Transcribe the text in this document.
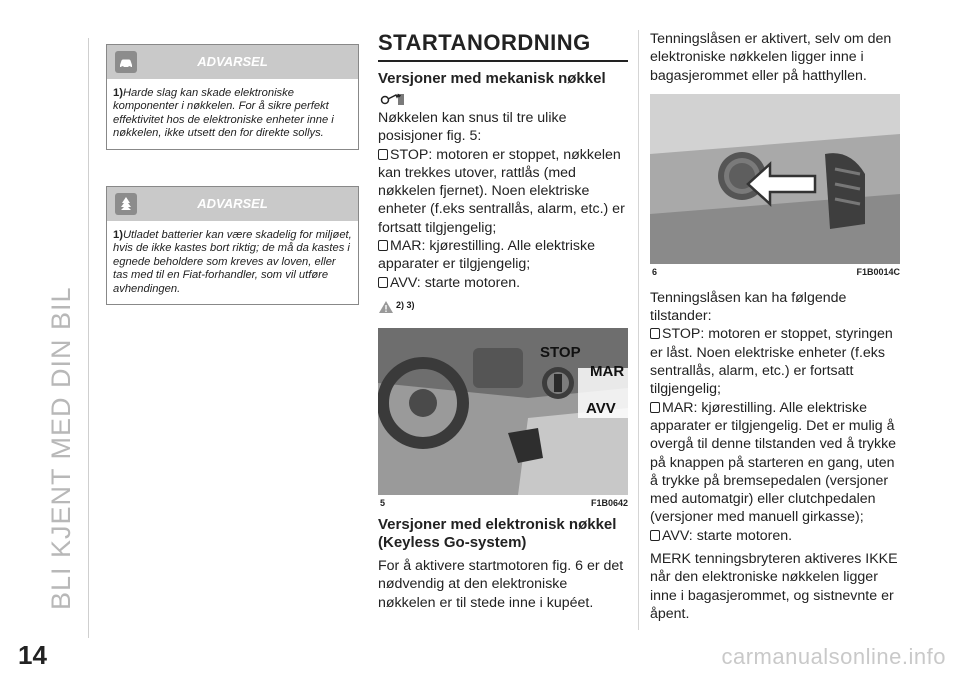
BLI KJENT MED DIN BIL
14	carmanualsonline.info
ADVARSEL
1)Harde slag kan skade elektroniske komponenter i nøkkelen. For å sikre perfekt effektivitet hos de elektroniske enheter inne i nøkkelen, ikke utsett den for direkte sollys.
ADVARSEL
1)Utladet batterier kan være skadelig for miljøet, hvis de ikke kastes bort riktig; de må da kastes i egnede beholdere som kreves av loven, eller tas med til en Fiat-forhandler, som vil utføre avhendingen.
STARTANORDNING
Versjoner med mekanisk nøkkel

Nøkkelen kan snus til tre ulike posisjoner fig. 5:

STOP: motoren er stoppet, nøkkelen kan trekkes utover, rattlås (med nøkkelen fjernet). Noen elektriske enheter (f.eks sentrallås, alarm, etc.) er fortsatt tilgjengelig;

MAR: kjørestilling. Alle elektriske apparater er tilgjengelig;

AVV: starte motoren.

$^{2) 3)}$
STOP
MAR
AVV
5	F1B0642
Versjoner med elektronisk nøkkel (Keyless Go-system)

For å aktivere startmotoren fig. 6 er det nødvendig at den elektroniske nøkkelen er til stede inne i kupéet.

Tenningslåsen er aktivert, selv om den elektroniske nøkkelen ligger inne i bagasjerommet eller på hatthyllen.

6	F1B0014C

Tenningslåsen kan ha følgende tilstander:

STOP: motoren er stoppet, styringen er låst. Noen elektriske enheter (f.eks sentrallås, alarm, etc.) er fortsatt tilgjengelig;

MAR: kjørestilling. Alle elektriske apparater er tilgjengelig. Det er mulig å overgå til denne tilstanden ved å trykke på knappen på starteren en gang, uten å trykke på bremsepedalen (versjoner med automatgir) eller clutchpedalen (versjoner med manuell girkasse);

AVV: starte motoren.

MERK tenningsbryteren aktiveres IKKE når den elektroniske nøkkelen ligger inne i bagasjerommet, og sistnevnte er åpent.
